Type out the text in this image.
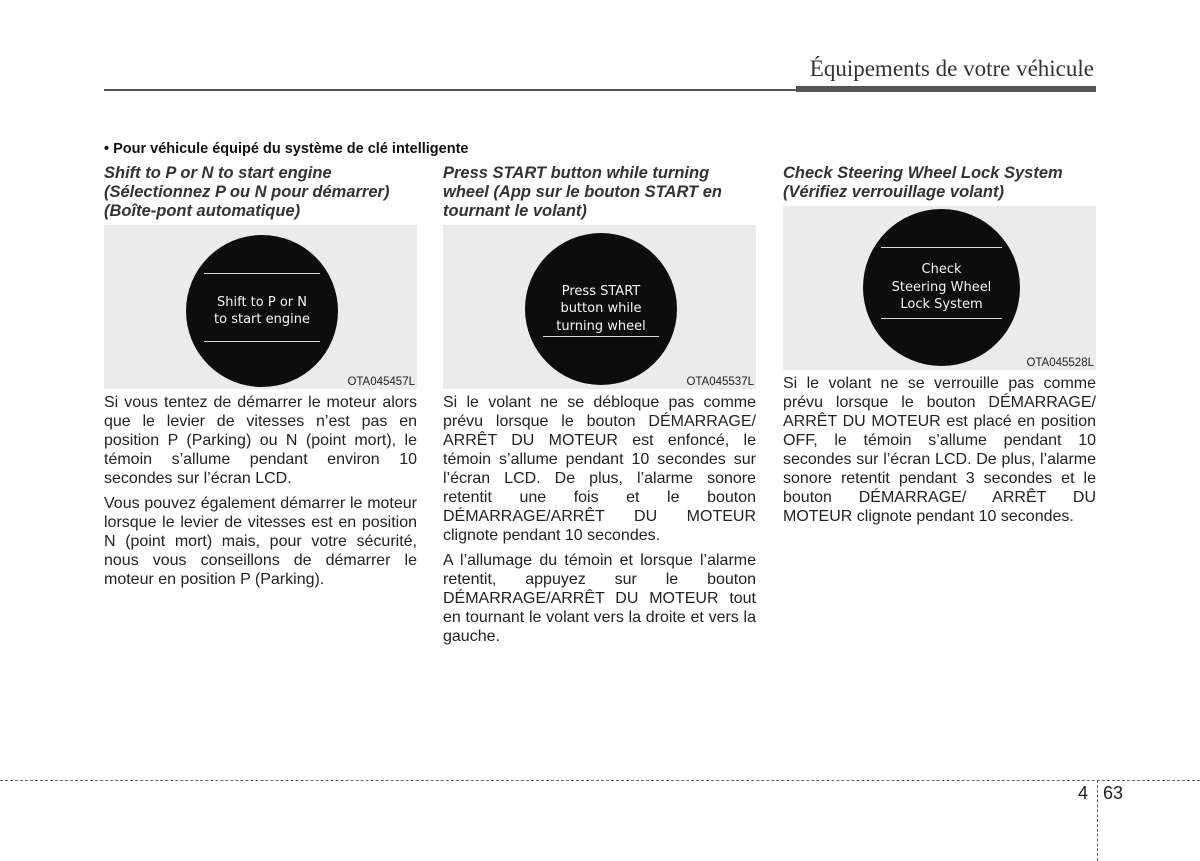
Équipements de votre véhicule
• Pour véhicule équipé du système de clé intelligente
Shift to P or N to start engine
(Sélectionnez P ou N pour démarrer)
(Boîte-pont automatique)
Shift to P or N
to start engine
OTA045457L

Si vous tentez de démarrer le moteur alors que le levier de vitesses n’est pas en position P (Parking) ou N (point mort), le témoin s’allume pendant environ 10 secondes sur l’écran LCD.

Vous pouvez également démarrer le moteur lorsque le levier de vitesses est en position N (point mort) mais, pour votre sécurité, nous vous conseillons de démarrer le moteur en position P (Parking).

Press START button while turning
wheel (App sur le bouton START en
tournant le volant)
Press START
button while
turning wheel
OTA045537L

Si le volant ne se débloque pas comme prévu lorsque le bouton DÉMARRAGE/ ARRÊT DU MOTEUR est enfoncé, le témoin s’allume pendant 10 secondes sur l’écran LCD. De plus, l’alarme sonore retentit une fois et le bouton DÉMARRAGE/ARRÊT DU MOTEUR clignote pendant 10 secondes.

A l’allumage du témoin et lorsque l’alarme retentit, appuyez sur le bouton DÉMARRAGE/ARRÊT DU MOTEUR tout en tournant le volant vers la droite et vers la gauche.

Check Steering Wheel Lock System
(Vérifiez verrouillage volant)
Check
Steering Wheel
Lock System
OTA045528L

Si le volant ne se verrouille pas comme prévu lorsque le bouton DÉMARRAGE/ ARRÊT DU MOTEUR est placé en position OFF, le témoin s’allume pendant 10 secondes sur l’écran LCD. De plus, l’alarme sonore retentit pendant 3 secondes et le bouton DÉMARRAGE/ ARRÊT DU MOTEUR clignote pendant 10 secondes.

4 63
